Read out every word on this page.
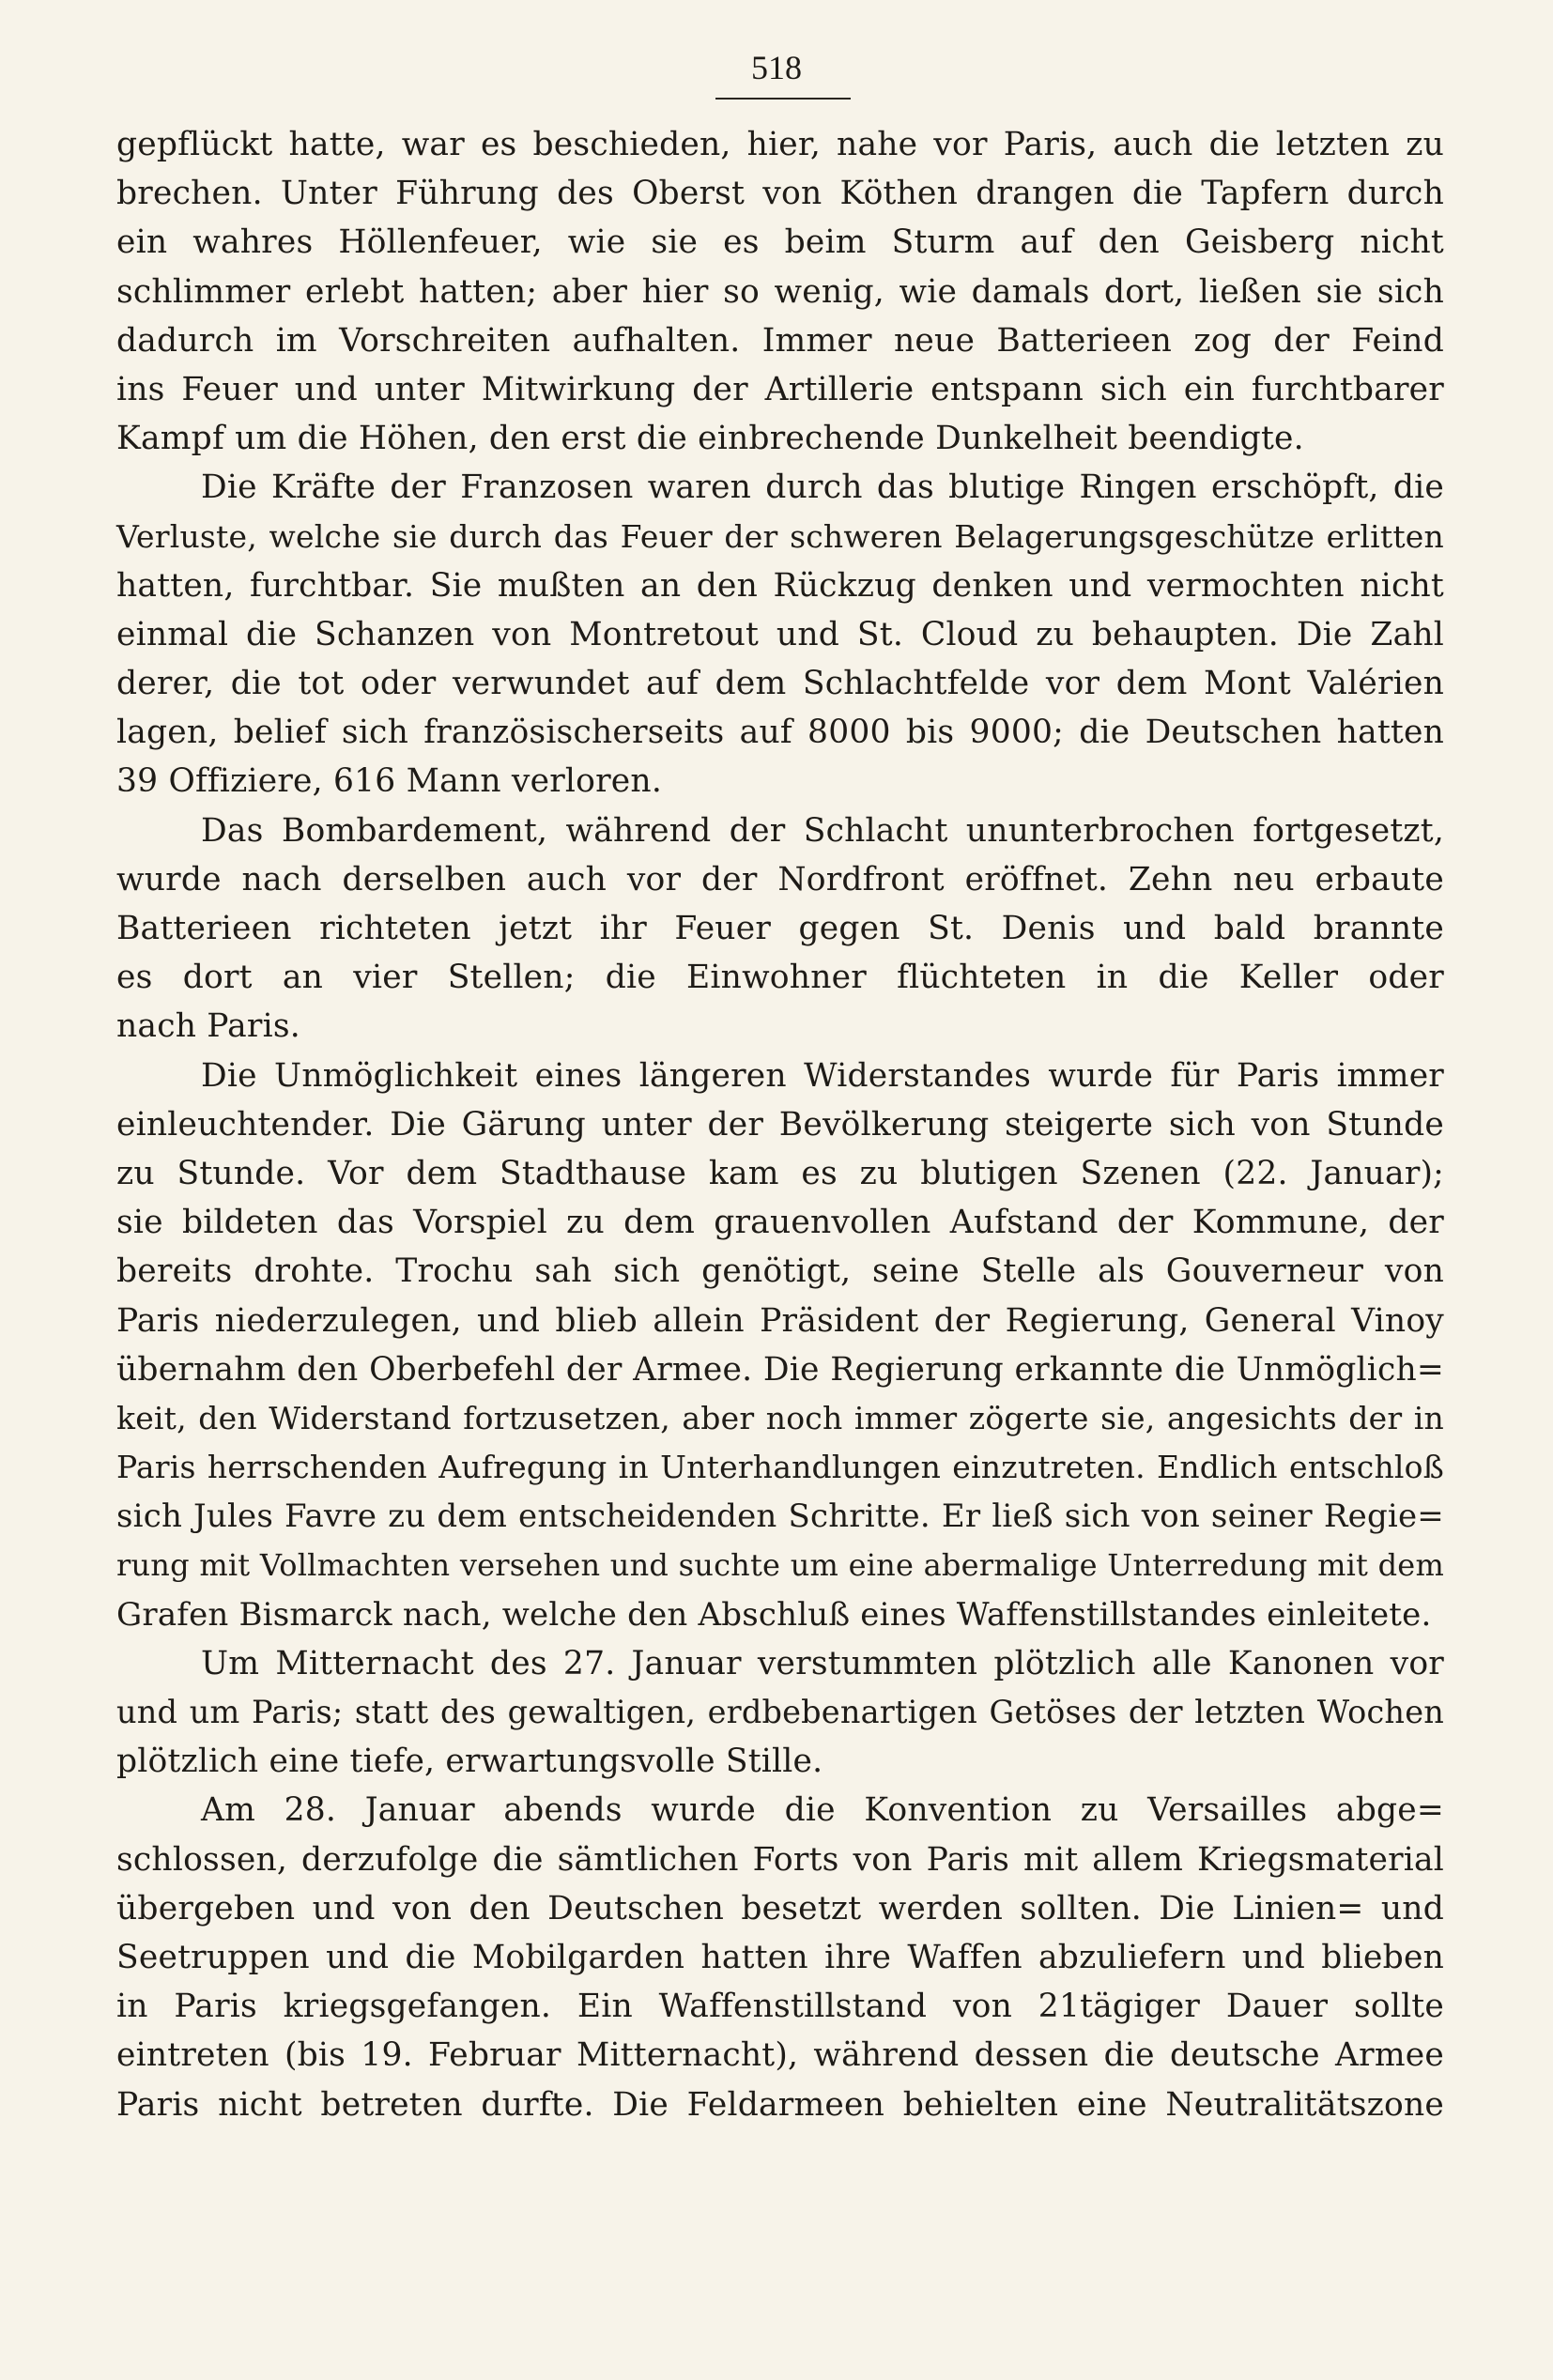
518
gepflückt hatte, war es beschieden, hier, nahe vor Paris, auch die letzten zu
brechen. Unter Führung des Oberst von Köthen drangen die Tapfern durch
ein wahres Höllenfeuer, wie sie es beim Sturm auf den Geisberg nicht
schlimmer erlebt hatten; aber hier so wenig, wie damals dort, ließen sie sich
dadurch im Vorschreiten aufhalten. Immer neue Batterieen zog der Feind
ins Feuer und unter Mitwirkung der Artillerie entspann sich ein furchtbarer
Kampf um die Höhen, den erst die einbrechende Dunkelheit beendigte.
Die Kräfte der Franzosen waren durch das blutige Ringen erschöpft, die
Verluste, welche sie durch das Feuer der schweren Belagerungsgeschütze erlitten
hatten, furchtbar. Sie mußten an den Rückzug denken und vermochten nicht
einmal die Schanzen von Montretout und St. Cloud zu behaupten. Die Zahl
derer, die tot oder verwundet auf dem Schlachtfelde vor dem Mont Valérien
lagen, belief sich französischerseits auf 8000 bis 9000; die Deutschen hatten
39 Offiziere, 616 Mann verloren.
Das Bombardement, während der Schlacht ununterbrochen fortgesetzt,
wurde nach derselben auch vor der Nordfront eröffnet. Zehn neu erbaute
Batterieen richteten jetzt ihr Feuer gegen St. Denis und bald brannte
es dort an vier Stellen; die Einwohner flüchteten in die Keller oder
nach Paris.
Die Unmöglichkeit eines längeren Widerstandes wurde für Paris immer
einleuchtender. Die Gärung unter der Bevölkerung steigerte sich von Stunde
zu Stunde. Vor dem Stadthause kam es zu blutigen Szenen (22. Januar);
sie bildeten das Vorspiel zu dem grauenvollen Aufstand der Kommune, der
bereits drohte. Trochu sah sich genötigt, seine Stelle als Gouverneur von
Paris niederzulegen, und blieb allein Präsident der Regierung, General Vinoy
übernahm den Oberbefehl der Armee. Die Regierung erkannte die Unmöglich=
keit, den Widerstand fortzusetzen, aber noch immer zögerte sie, angesichts der in
Paris herrschenden Aufregung in Unterhandlungen einzutreten. Endlich entschloß
sich Jules Favre zu dem entscheidenden Schritte. Er ließ sich von seiner Regie=
rung mit Vollmachten versehen und suchte um eine abermalige Unterredung mit dem
Grafen Bismarck nach, welche den Abschluß eines Waffenstillstandes einleitete.
Um Mitternacht des 27. Januar verstummten plötzlich alle Kanonen vor
und um Paris; statt des gewaltigen, erdbebenartigen Getöses der letzten Wochen
plötzlich eine tiefe, erwartungsvolle Stille.
Am 28. Januar abends wurde die Konvention zu Versailles abge=
schlossen, derzufolge die sämtlichen Forts von Paris mit allem Kriegsmaterial
übergeben und von den Deutschen besetzt werden sollten. Die Linien= und
Seetruppen und die Mobilgarden hatten ihre Waffen abzuliefern und blieben
in Paris kriegsgefangen. Ein Waffenstillstand von 21tägiger Dauer sollte
eintreten (bis 19. Februar Mitternacht), während dessen die deutsche Armee
Paris nicht betreten durfte. Die Feldarmeen behielten eine Neutralitätszone
